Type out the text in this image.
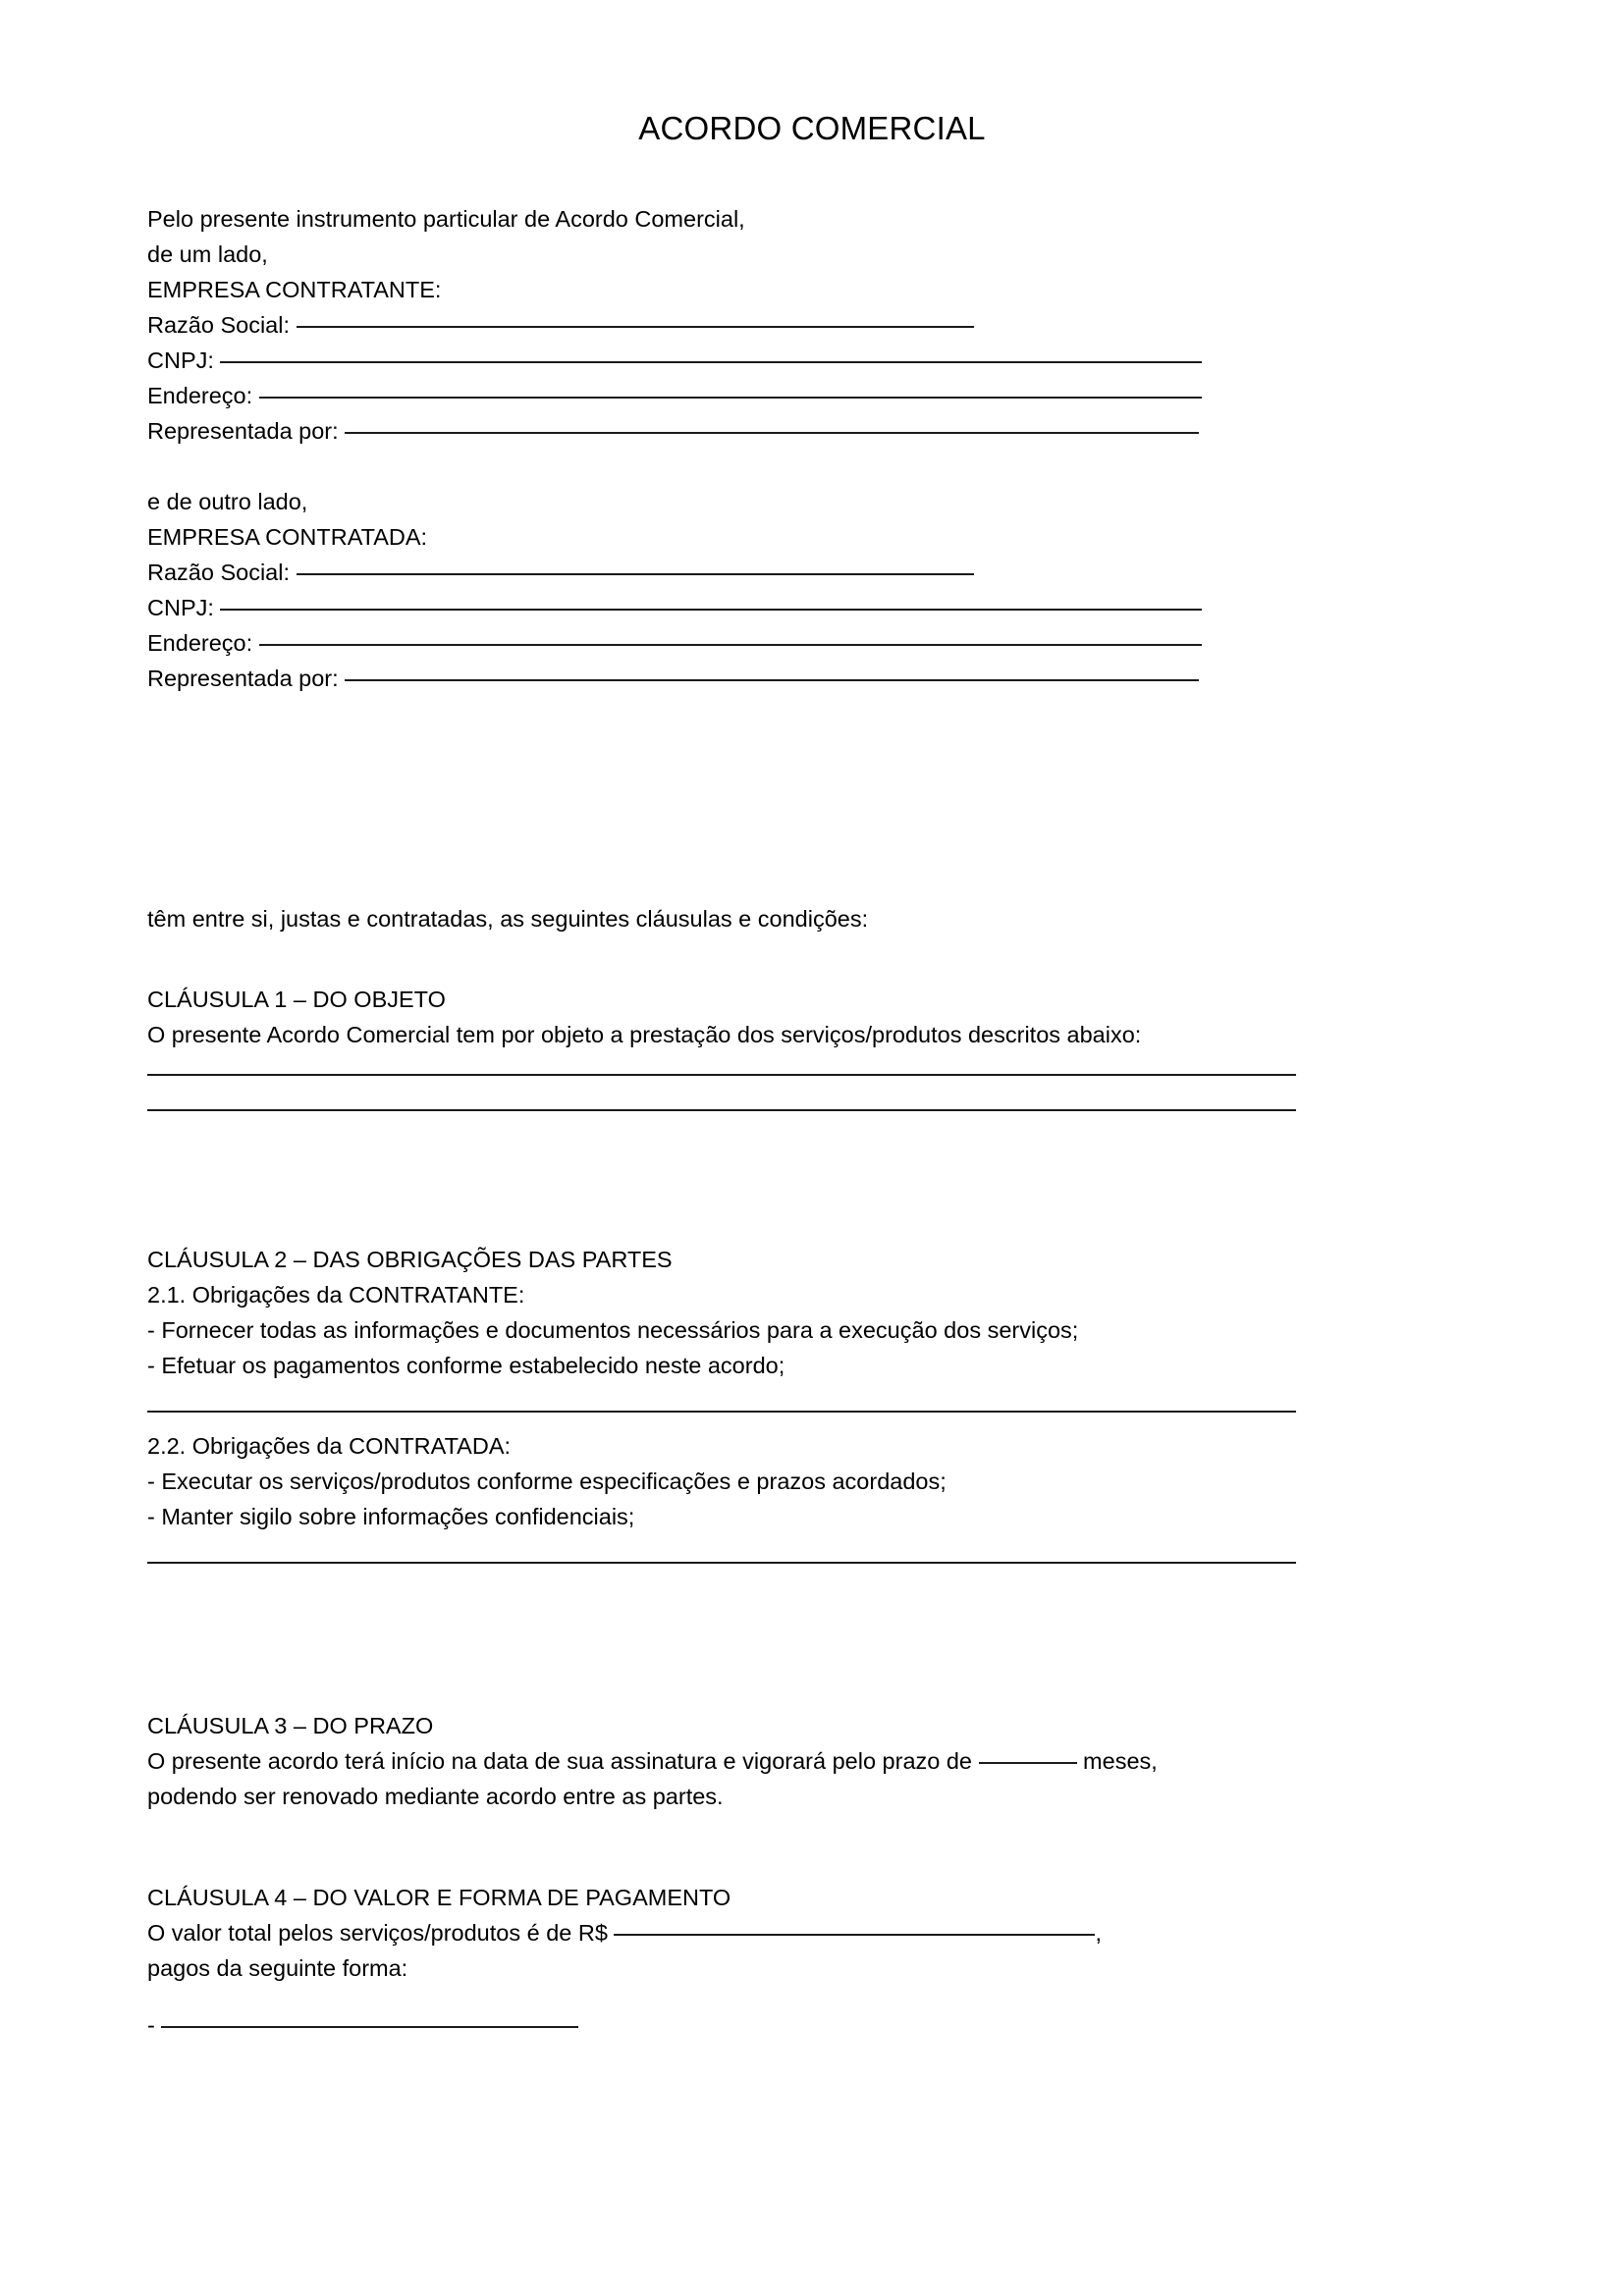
ACORDO COMERCIAL
Pelo presente instrumento particular de Acordo Comercial,
de um lado,
EMPRESA CONTRATANTE:
Razão Social:
CNPJ:
Endereço:
Representada por:
e de outro lado,
EMPRESA CONTRATADA:
Razão Social:
CNPJ:
Endereço:
Representada por:
têm entre si, justas e contratadas, as seguintes cláusulas e condições:
CLÁUSULA 1 – DO OBJETO
O presente Acordo Comercial tem por objeto a prestação dos serviços/produtos descritos abaixo:
CLÁUSULA 2 – DAS OBRIGAÇÕES DAS PARTES
2.1. Obrigações da CONTRATANTE:
- Fornecer todas as informações e documentos necessários para a execução dos serviços;
- Efetuar os pagamentos conforme estabelecido neste acordo;
2.2. Obrigações da CONTRATADA:
- Executar os serviços/produtos conforme especificações e prazos acordados;
- Manter sigilo sobre informações confidenciais;
CLÁUSULA 3 – DO PRAZO
O presente acordo terá início na data de sua assinatura e vigorará pelo prazo de	meses,
podendo ser renovado mediante acordo entre as partes.
CLÁUSULA 4 – DO VALOR E FORMA DE PAGAMENTO
O valor total pelos serviços/produtos é de R$	,
pagos da seguinte forma:
-
